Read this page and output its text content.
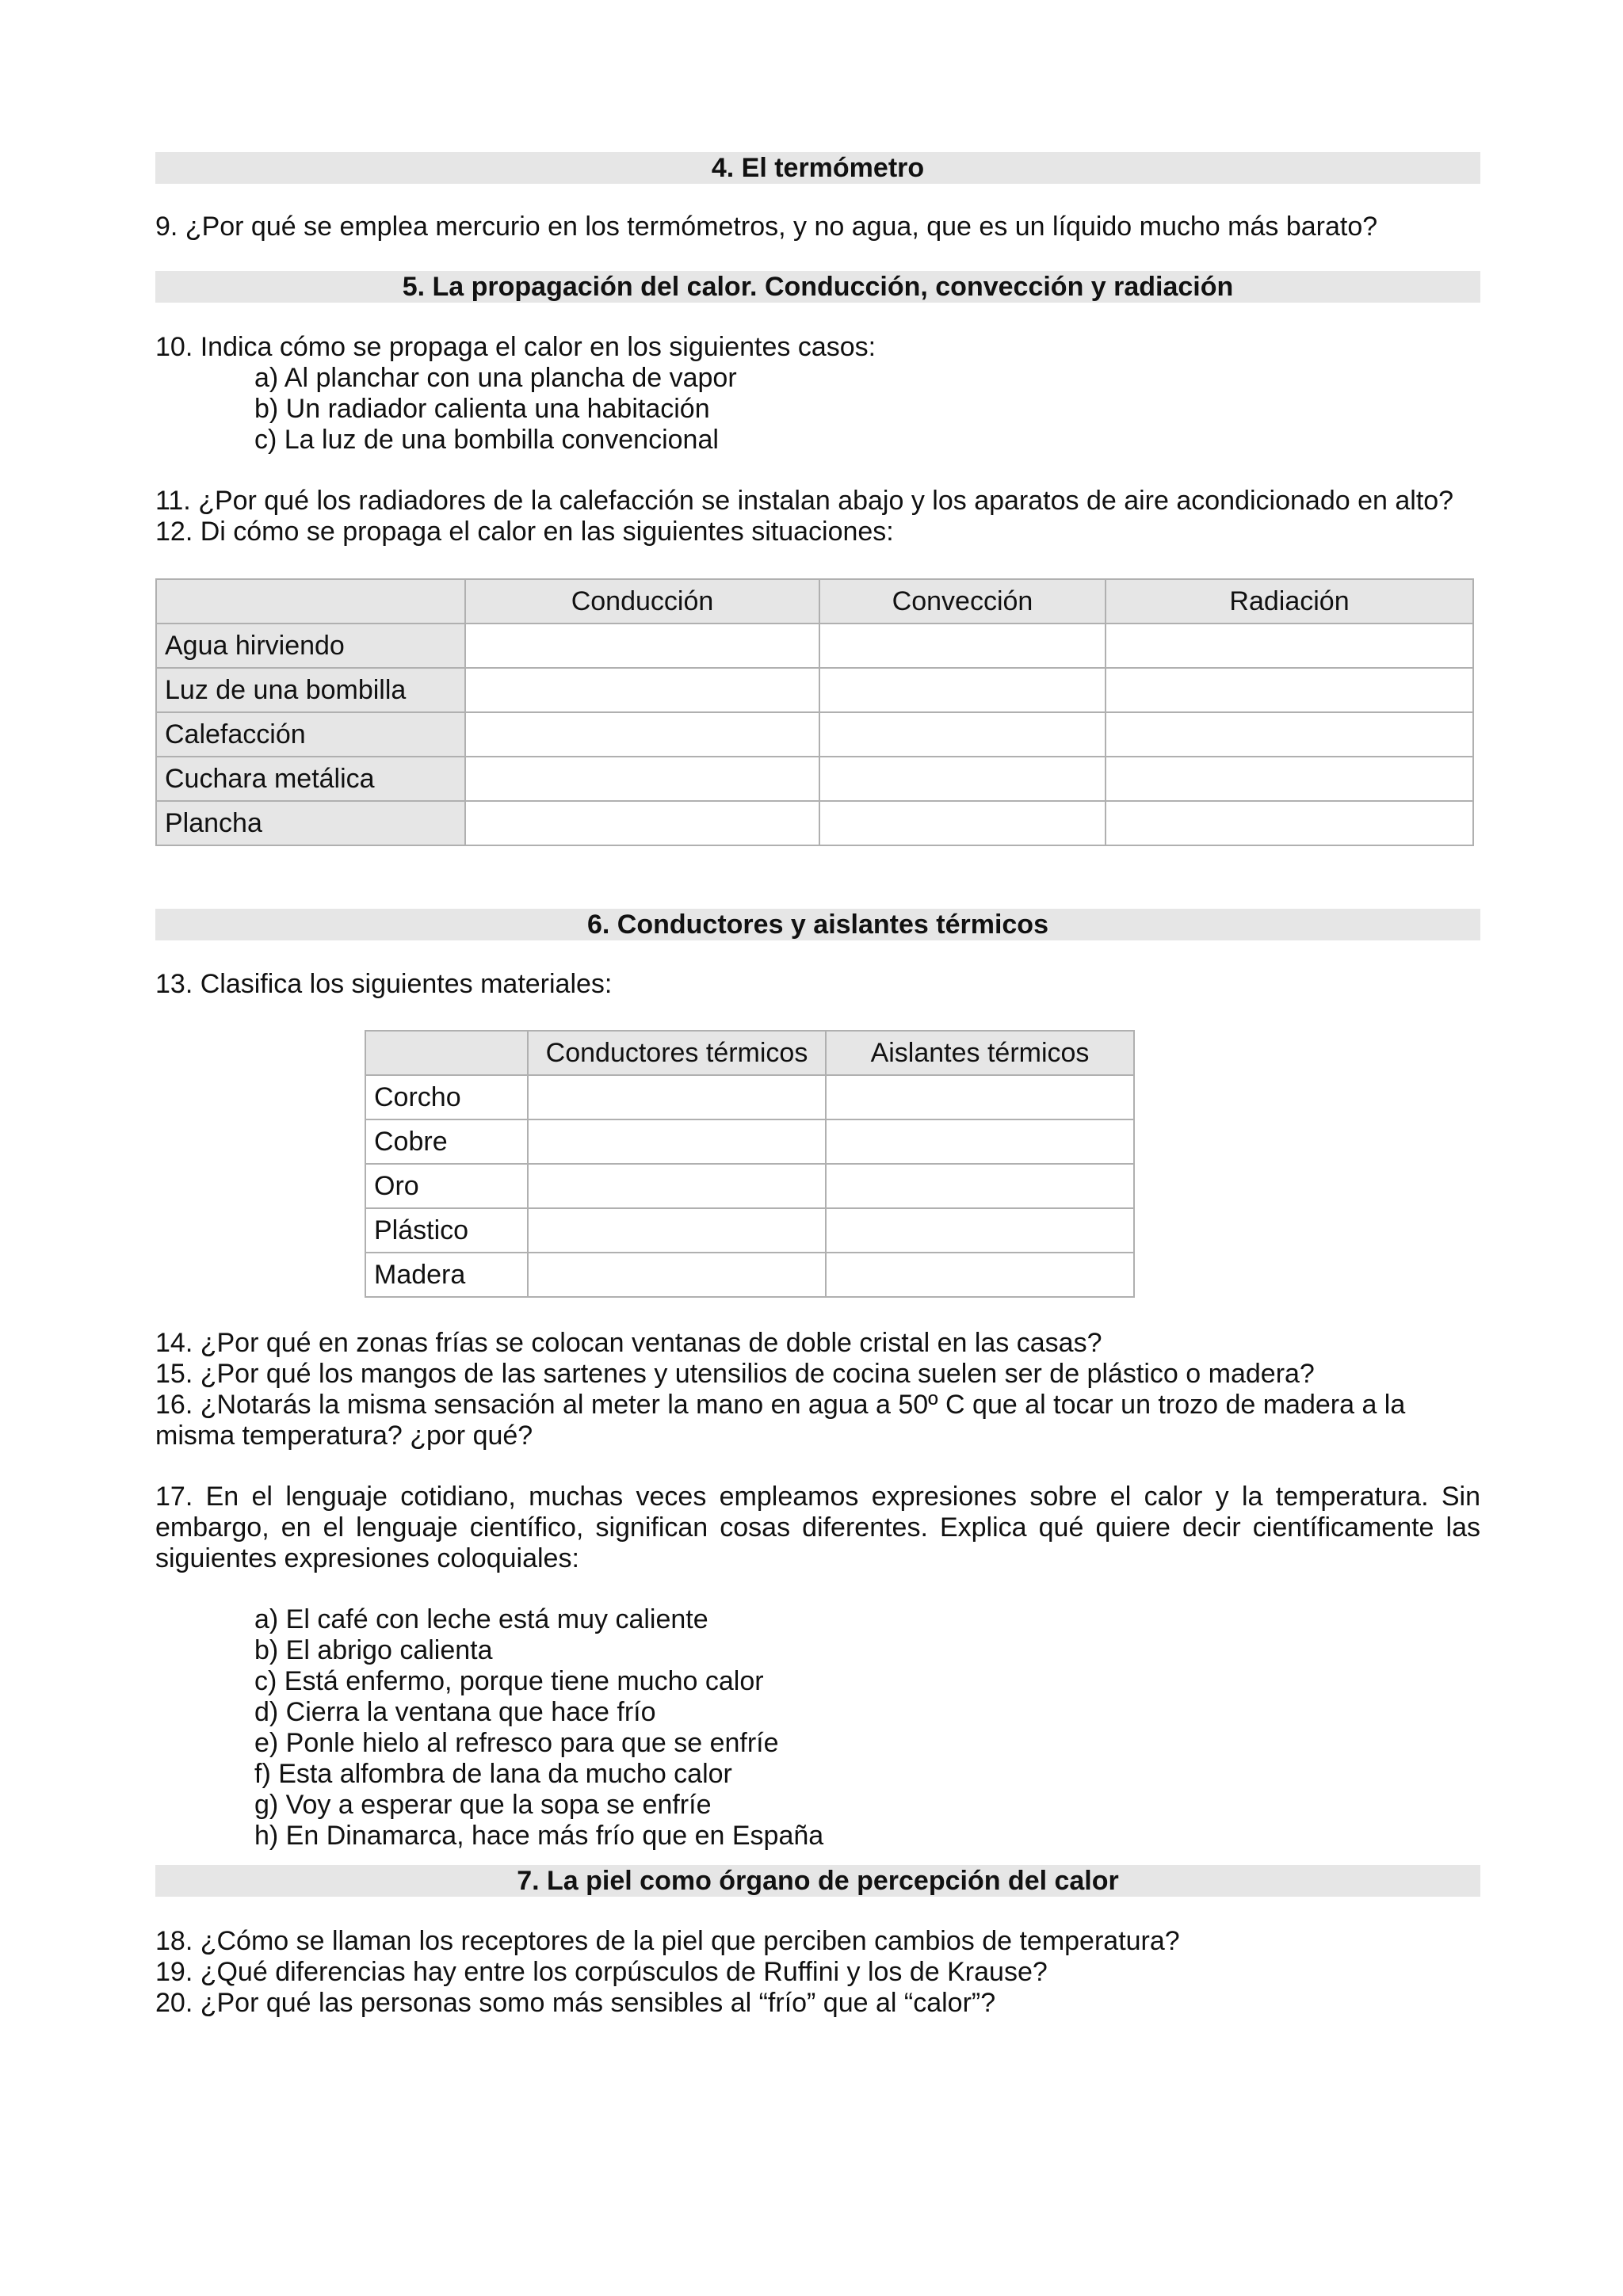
4. El termómetro

9. ¿Por qué se emplea mercurio en los termómetros, y no agua, que es un líquido mucho más barato?

5. La propagación del calor. Conducción, convección y radiación

10. Indica cómo se propaga el calor en los siguientes casos:

a) Al planchar con una plancha de vapor
b) Un radiador calienta una habitación
c) La luz de una bombilla convencional

11. ¿Por qué los radiadores de la calefacción se instalan abajo y los aparatos de aire acondicionado en alto?

12. Di cómo se propaga el calor en las siguientes situaciones:

	Conducción	Convección	Radiación
Agua hirviendo			
Luz de una bombilla			
Calefacción			
Cuchara metálica			
Plancha			
6. Conductores y aislantes térmicos

13. Clasifica los siguientes materiales:

	Conductores térmicos	Aislantes térmicos
Corcho		
Cobre		
Oro		
Plástico		
Madera		

14. ¿Por qué en zonas frías se colocan ventanas de doble cristal en las casas?

15. ¿Por qué los mangos de las sartenes y utensilios de cocina suelen ser de plástico o madera?

16. ¿Notarás la misma sensación al meter la mano en agua a 50º C que al tocar un trozo de madera a la misma temperatura? ¿por qué?

17. En el lenguaje cotidiano, muchas veces empleamos expresiones sobre el calor y la temperatura. Sin embargo, en el lenguaje científico, significan cosas diferentes. Explica qué quiere decir científicamente las siguientes expresiones coloquiales:

a) El café con leche está muy caliente
b) El abrigo calienta
c) Está enfermo, porque tiene mucho calor
d) Cierra la ventana que hace frío
e) Ponle hielo al refresco para que se enfríe
f) Esta alfombra de lana da mucho calor
g) Voy a esperar que la sopa se enfríe
h) En Dinamarca, hace más frío que en España
7. La piel como órgano de percepción del calor

18. ¿Cómo se llaman los receptores de la piel que perciben cambios de temperatura?

19. ¿Qué diferencias hay entre los corpúsculos de Ruffini y los de Krause?

20. ¿Por qué las personas somo más sensibles al “frío” que al “calor”?
